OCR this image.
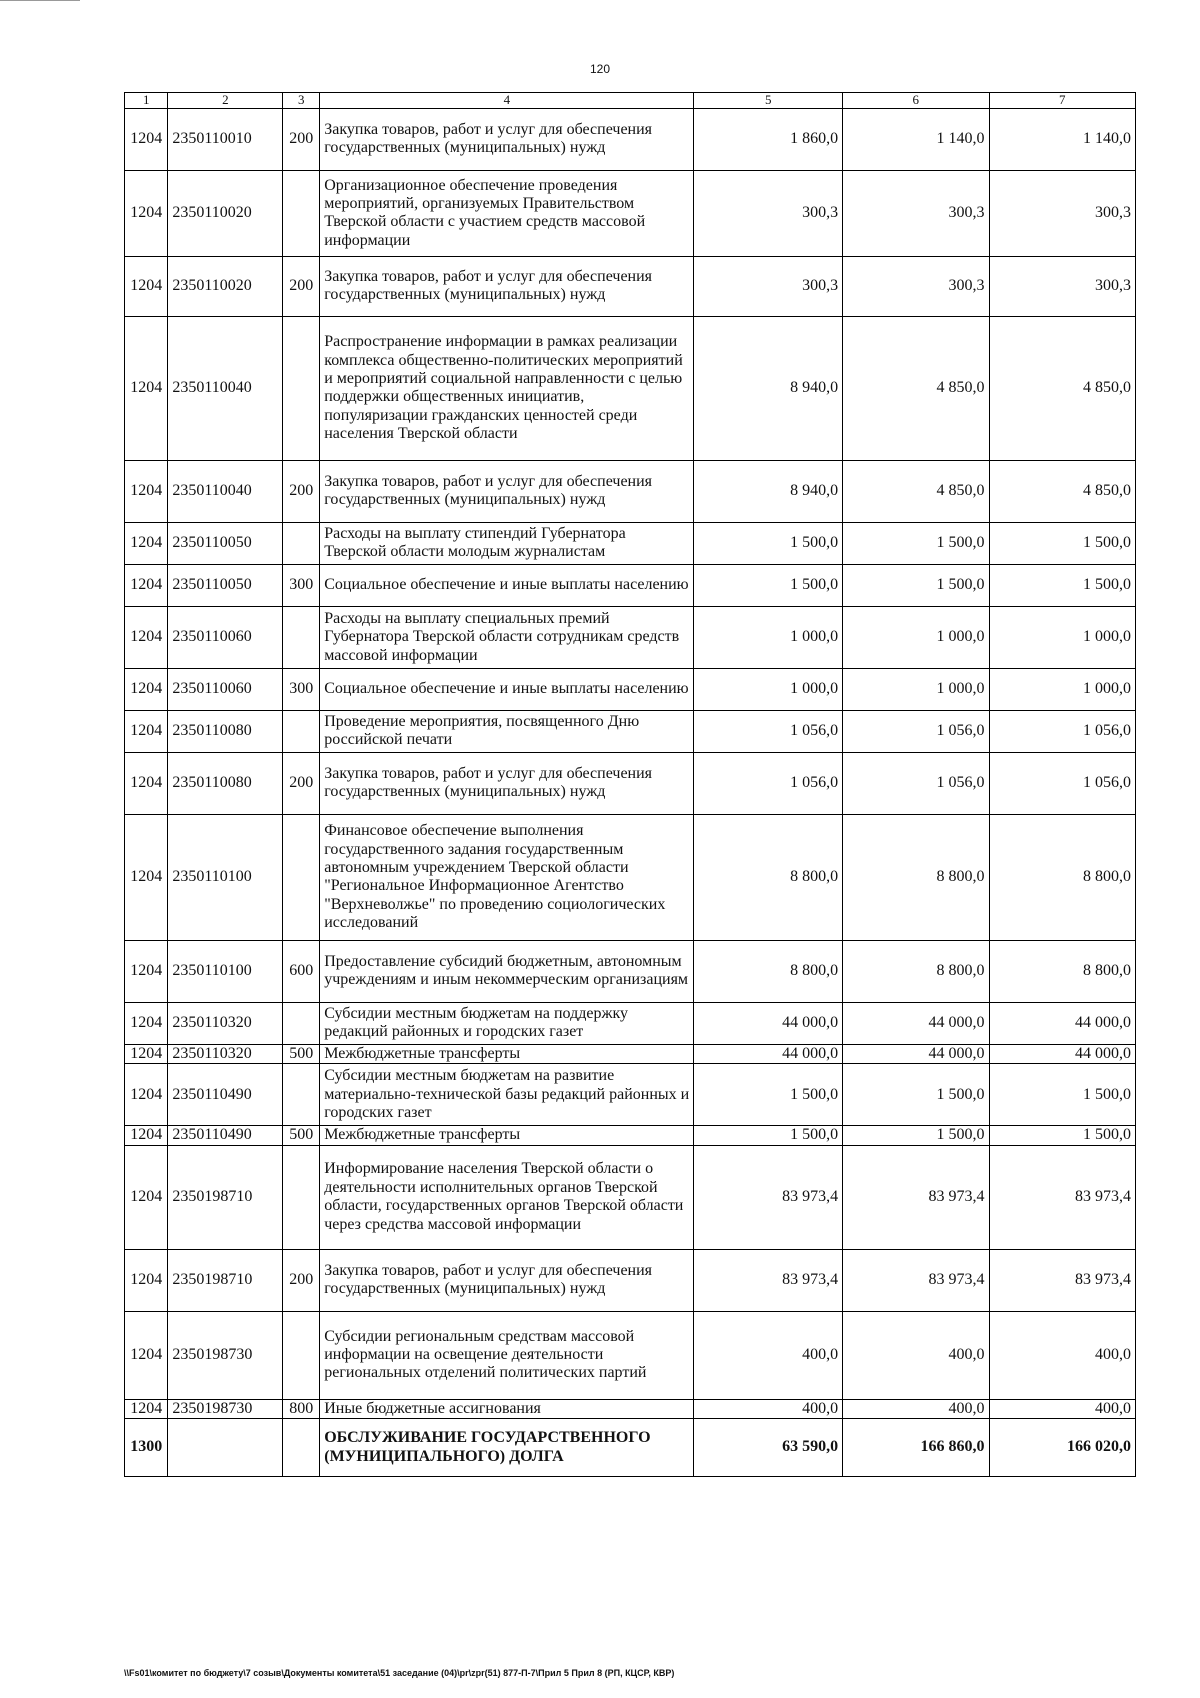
120
1	2	3	4	5	6	7
1204	2350110010	200	Закупка товаров, работ и услуг для обеспечения государственных (муниципальных) нужд	1 860,0	1 140,0	1 140,0
1204	2350110020		Организационное обеспечение проведения мероприятий, организуемых Правительством Тверской области с участием средств массовой информации	300,3	300,3	300,3
1204	2350110020	200	Закупка товаров, работ и услуг для обеспечения государственных (муниципальных) нужд	300,3	300,3	300,3
1204	2350110040		Распространение информации в рамках реализации комплекса общественно-политических мероприятий и мероприятий социальной направленности с целью поддержки общественных инициатив, популяризации гражданских ценностей среди населения Тверской области	8 940,0	4 850,0	4 850,0
1204	2350110040	200	Закупка товаров, работ и услуг для обеспечения государственных (муниципальных) нужд	8 940,0	4 850,0	4 850,0
1204	2350110050		Расходы на выплату стипендий Губернатора Тверской области молодым журналистам	1 500,0	1 500,0	1 500,0
1204	2350110050	300	Социальное обеспечение и иные выплаты населению	1 500,0	1 500,0	1 500,0
1204	2350110060		Расходы на выплату специальных премий Губернатора Тверской области сотрудникам средств массовой информации	1 000,0	1 000,0	1 000,0
1204	2350110060	300	Социальное обеспечение и иные выплаты населению	1 000,0	1 000,0	1 000,0
1204	2350110080		Проведение мероприятия, посвященного Дню российской печати	1 056,0	1 056,0	1 056,0
1204	2350110080	200	Закупка товаров, работ и услуг для обеспечения государственных (муниципальных) нужд	1 056,0	1 056,0	1 056,0
1204	2350110100		Финансовое обеспечение выполнения государственного задания государственным автономным учреждением Тверской области "Региональное Информационное Агентство "Верхневолжье" по проведению социологических исследований	8 800,0	8 800,0	8 800,0
1204	2350110100	600	Предоставление субсидий бюджетным, автономным учреждениям и иным некоммерческим организациям	8 800,0	8 800,0	8 800,0
1204	2350110320		Субсидии местным бюджетам на поддержку редакций районных и городских газет	44 000,0	44 000,0	44 000,0
1204	2350110320	500	Межбюджетные трансферты	44 000,0	44 000,0	44 000,0
1204	2350110490		Субсидии местным бюджетам на развитие материально-технической базы редакций районных и городских газет	1 500,0	1 500,0	1 500,0
1204	2350110490	500	Межбюджетные трансферты	1 500,0	1 500,0	1 500,0
1204	2350198710		Информирование населения Тверской области о деятельности исполнительных органов Тверской области, государственных органов Тверской области через средства массовой информации	83 973,4	83 973,4	83 973,4
1204	2350198710	200	Закупка товаров, работ и услуг для обеспечения государственных (муниципальных) нужд	83 973,4	83 973,4	83 973,4
1204	2350198730		Субсидии региональным средствам массовой информации на освещение деятельности региональных отделений политических партий	400,0	400,0	400,0
1204	2350198730	800	Иные бюджетные ассигнования	400,0	400,0	400,0
1300			ОБСЛУЖИВАНИЕ ГОСУДАРСТВЕННОГО (МУНИЦИПАЛЬНОГО) ДОЛГА	63 590,0	166 860,0	166 020,0
\\Fs01\комитет по бюджету\7 созыв\Документы комитета\51 заседание (04)\pr\zpr(51) 877-П-7\Прил 5 Прил 8 (РП, КЦСР, КВР)
